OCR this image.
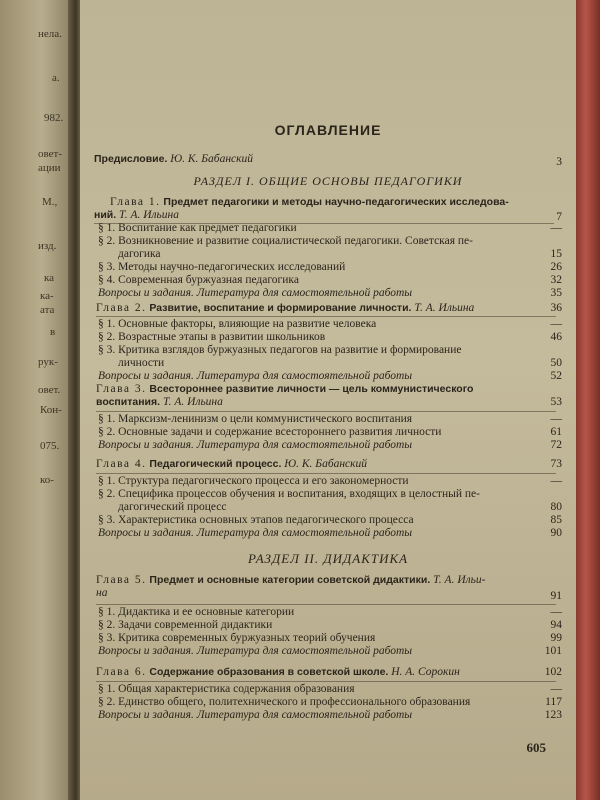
нела.
а.
982.
овет-
ации
М.,
изд.
ка
ка-
ата
в
рук-
овет.
Кон-
075.
ко-
ОГЛАВЛЕНИЕ
Предисловие. Ю. К. Бабанский	3
РАЗДЕЛ I. ОБЩИЕ ОСНОВЫ ПЕДАГОГИКИ
Глава 1. Предмет педагогики и методы научно-педагогических исследова-
ний. Т. А. Ильина	7
§ 1. Воспитание как предмет педагогики	—
§ 2. Возникновение и развитие социалистической педагогики. Советская пе-
дагогика	15
§ 3. Методы научно-педагогических исследований	26
§ 4. Современная буржуазная педагогика	32
Вопросы и задания. Литература для самостоятельной работы	35
Глава 2. Развитие, воспитание и формирование личности. Т. А. Ильина	36
§ 1. Основные факторы, влияющие на развитие человека	—
§ 2. Возрастные этапы в развитии школьников	46
§ 3. Критика взглядов буржуазных педагогов на развитие и формирование
личности	50
Вопросы и задания. Литература для самостоятельной работы	52
Глава 3. Всестороннее развитие личности — цель коммунистического
воспитания. Т. А. Ильина	53
§ 1. Марксизм-ленинизм о цели коммунистического воспитания	—
§ 2. Основные задачи и содержание всестороннего развития личности	61
Вопросы и задания. Литература для самостоятельной работы	72
Глава 4. Педагогический процесс. Ю. К. Бабанский	73
§ 1. Структура педагогического процесса и его закономерности	—
§ 2. Специфика процессов обучения и воспитания, входящих в целостный пе-
дагогический процесс	80
§ 3. Характеристика основных этапов педагогического процесса	85
Вопросы и задания. Литература для самостоятельной работы	90
РАЗДЕЛ II. ДИДАКТИКА
Глава 5. Предмет и основные категории советской дидактики. Т. А. Ильи-
на	91
§ 1. Дидактика и ее основные категории	—
§ 2. Задачи современной дидактики	94
§ 3. Критика современных буржуазных теорий обучения	99
Вопросы и задания. Литература для самостоятельной работы	101
Глава 6. Содержание образования в советской школе. Н. А. Сорокин	102
§ 1. Общая характеристика содержания образования	—
§ 2. Единство общего, политехнического и профессионального образования	117
Вопросы и задания. Литература для самостоятельной работы	123
605
